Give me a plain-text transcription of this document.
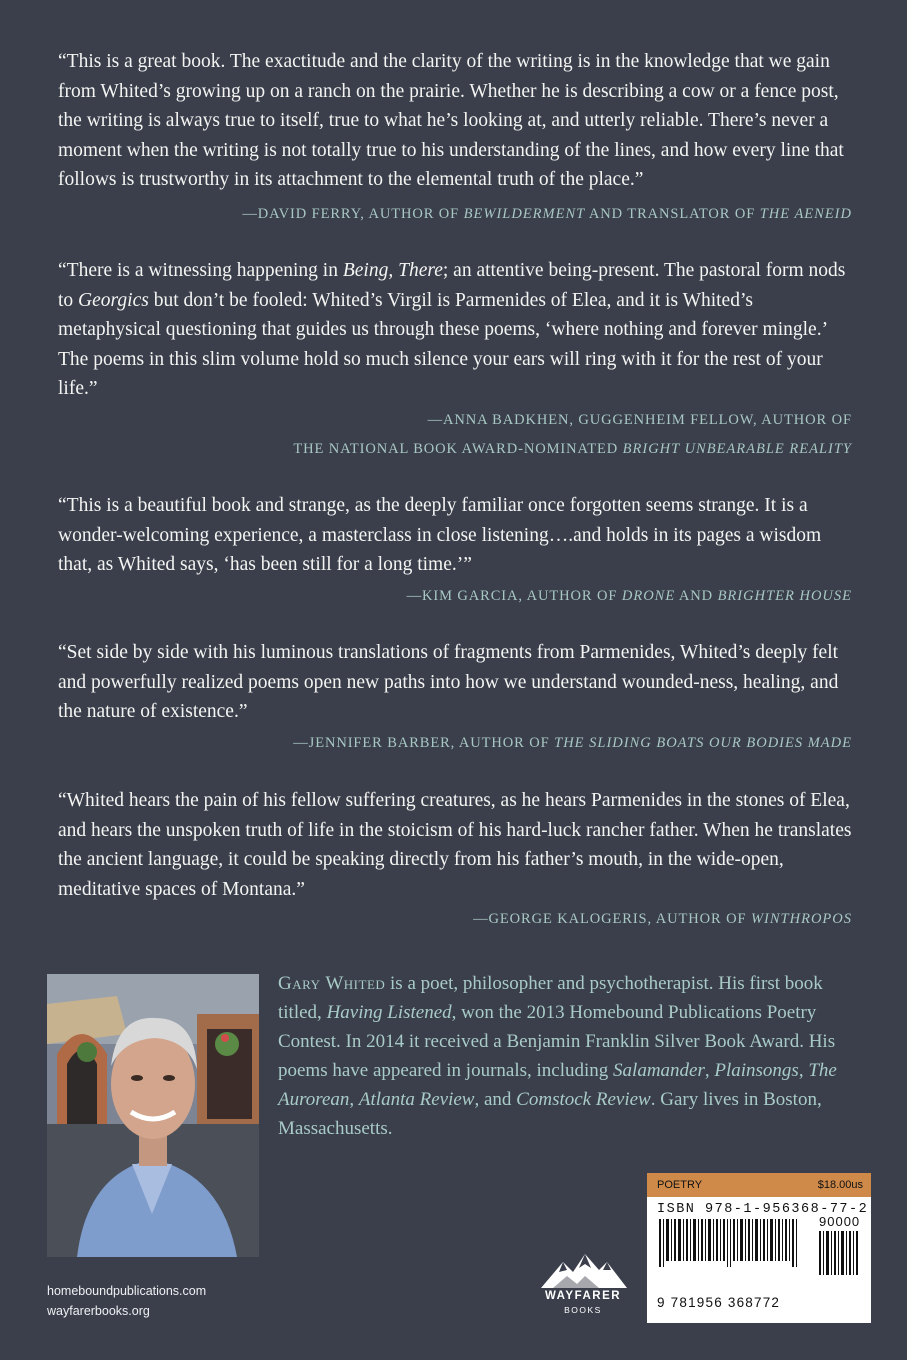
“This is a great book. The exactitude and the clarity of the writing is in the knowledge that we gain from Whited’s growing up on a ranch on the prairie. Whether he is describing a cow or a fence post, the writing is always true to itself, true to what he’s looking at, and utterly reliable. There’s never a moment when the writing is not totally true to his understanding of the lines, and how every line that follows is trustworthy in its attachment to the elemental truth of the place.”
—DAVID FERRY, AUTHOR OF BEWILDERMENT AND TRANSLATOR OF THE AENEID
“There is a witnessing happening in Being, There; an attentive being-present. The pastoral form nods to Georgics but don’t be fooled: Whited’s Virgil is Parmenides of Elea, and it is Whited’s metaphysical questioning that guides us through these poems, ‘where nothing and forever mingle.’ The poems in this slim volume hold so much silence your ears will ring with it for the rest of your life.”
—ANNA BADKHEN, GUGGENHEIM FELLOW, AUTHOR OF
THE NATIONAL BOOK AWARD-NOMINATED BRIGHT UNBEARABLE REALITY
“This is a beautiful book and strange, as the deeply familiar once forgotten seems strange. It is a wonder-welcoming experience, a masterclass in close listening….and holds in its pages a wisdom that, as Whited says, ‘has been still for a long time.’”
—KIM GARCIA, AUTHOR OF DRONE AND BRIGHTER HOUSE
“Set side by side with his luminous translations of fragments from Parmenides, Whited’s deeply felt and powerfully realized poems open new paths into how we understand wounded-ness, healing, and the nature of existence.”
—JENNIFER BARBER, AUTHOR OF THE SLIDING BOATS OUR BODIES MADE
“Whited hears the pain of his fellow suffering creatures, as he hears Parmenides in the stones of Elea, and hears the unspoken truth of life in the stoicism of his hard-luck rancher father. When he translates the ancient language, it could be speaking directly from his father’s mouth, in the wide-open, meditative spaces of Montana.”
—GEORGE KALOGERIS, AUTHOR OF WINTHROPOS
Gary Whited is a poet, philosopher and psychotherapist. His first book titled, Having Listened, won the 2013 Homebound Publications Poetry Contest. In 2014 it received a Benjamin Franklin Silver Book Award. His poems have appeared in journals, including Salamander, Plainsongs, The Aurorean, Atlanta Review, and Comstock Review. Gary lives in Boston, Massachusetts.
homeboundpublications.com
wayfarerbooks.org
WAYFARER
BOOKS
POETRY	$18.00us
ISBN 978-1-956368-77-2
90000
9 781956 368772
